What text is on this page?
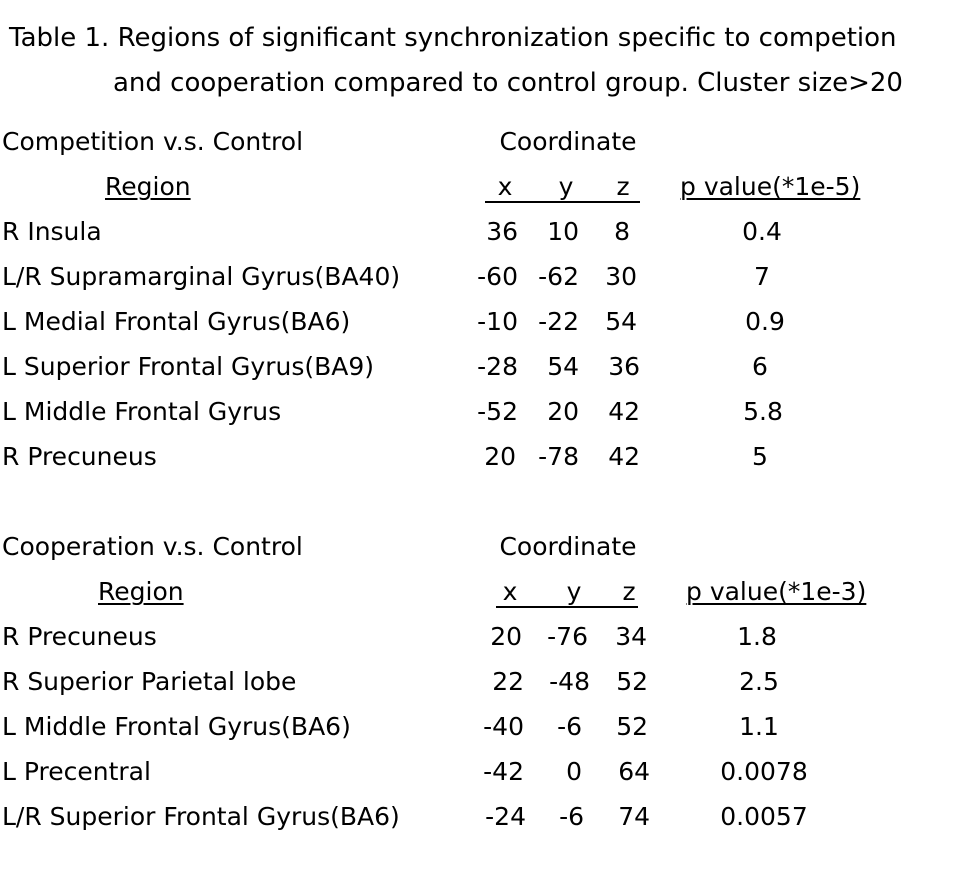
Table 1. Regions of significant synchronization specific to competion
and cooperation compared to control group. Cluster size>20
Competition v.s. Control	Coordinate
Region	x y z p value(*1e-5)
R Insula	36 10 8	0.4
L/R Supramarginal Gyrus(BA40)	-60 -62 30	7
L Medial Frontal Gyrus(BA6)	-10 -22 54	0.9
L Superior Frontal Gyrus(BA9)	-28 54 36	6
L Middle Frontal Gyrus	-52 20 42	5.8
R Precuneus	20 -78 42	5
Cooperation v.s. Control	Coordinate
Region	x y z p value(*1e-3)
R Precuneus	20 -76 34	1.8
R Superior Parietal lobe	22 -48 52	2.5
L Middle Frontal Gyrus(BA6)	-40 -6 52	1.1
L Precentral	-42 0 64	0.0078
L/R Superior Frontal Gyrus(BA6)	-24 -6 74	0.0057
